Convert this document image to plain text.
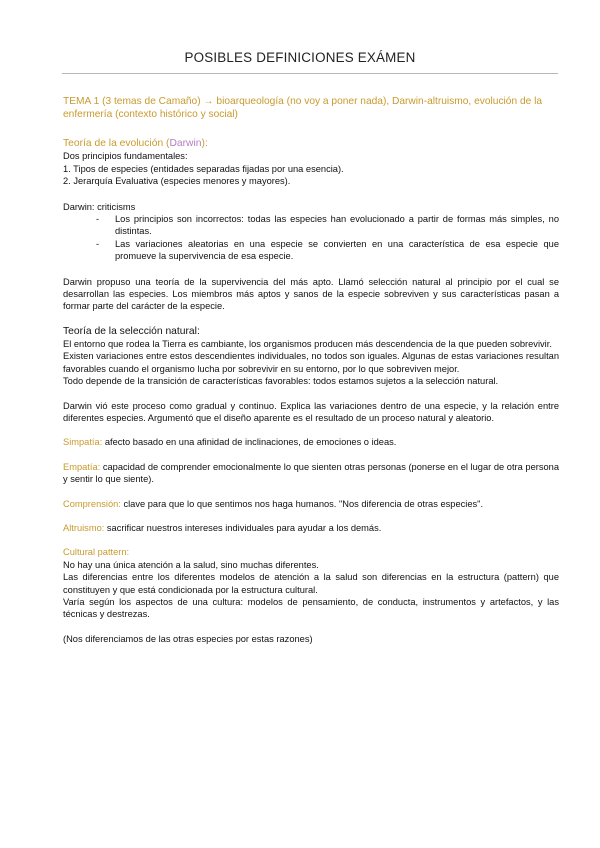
POSIBLES DEFINICIONES EXÁMEN

TEMA 1 (3 temas de Camaño) → bioarqueología (no voy a poner nada), Darwin-altruismo, evolución de la enfermería (contexto histórico y social)

Teoría de la evolución (Darwin):

Dos principios fundamentales:

1. Tipos de especies (entidades separadas fijadas por una esencia).

2. Jerarquía Evaluativa (especies menores y mayores).

Darwin: criticisms

- Los principios son incorrectos: todas las especies han evolucionado a partir de formas más simples, no distintas.
- Las variaciones aleatorias en una especie se convierten en una característica de esa especie que promueve la supervivencia de esa especie.

Darwin propuso una teoría de la supervivencia del más apto. Llamó selección natural al principio por el cual se desarrollan las especies. Los miembros más aptos y sanos de la especie sobreviven y sus características pasan a formar parte del carácter de la especie.

Teoría de la selección natural:

El entorno que rodea la Tierra es cambiante, los organismos producen más descendencia de la que pueden sobrevivir.

Existen variaciones entre estos descendientes individuales, no todos son iguales. Algunas de estas variaciones resultan favorables cuando el organismo lucha por sobrevivir en su entorno, por lo que sobreviven mejor.

Todo depende de la transición de características favorables: todos estamos sujetos a la selección natural.

Darwin vió este proceso como gradual y continuo. Explica las variaciones dentro de una especie, y la relación entre diferentes especies. Argumentó que el diseño aparente es el resultado de un proceso natural y aleatorio.

Simpatía: afecto basado en una afinidad de inclinaciones, de emociones o ideas.

Empatía: capacidad de comprender emocionalmente lo que sienten otras personas (ponerse en el lugar de otra persona y sentir lo que siente).

Comprensión: clave para que lo que sentimos nos haga humanos. "Nos diferencia de otras especies".

Altruismo: sacrificar nuestros intereses individuales para ayudar a los demás.

Cultural pattern:

No hay una única atención a la salud, sino muchas diferentes.

Las diferencias entre los diferentes modelos de atención a la salud son diferencias en la estructura (pattern) que constituyen y que está condicionada por la estructura cultural.

Varía según los aspectos de una cultura: modelos de pensamiento, de conducta, instrumentos y artefactos, y las técnicas y destrezas.

(Nos diferenciamos de las otras especies por estas razones)
